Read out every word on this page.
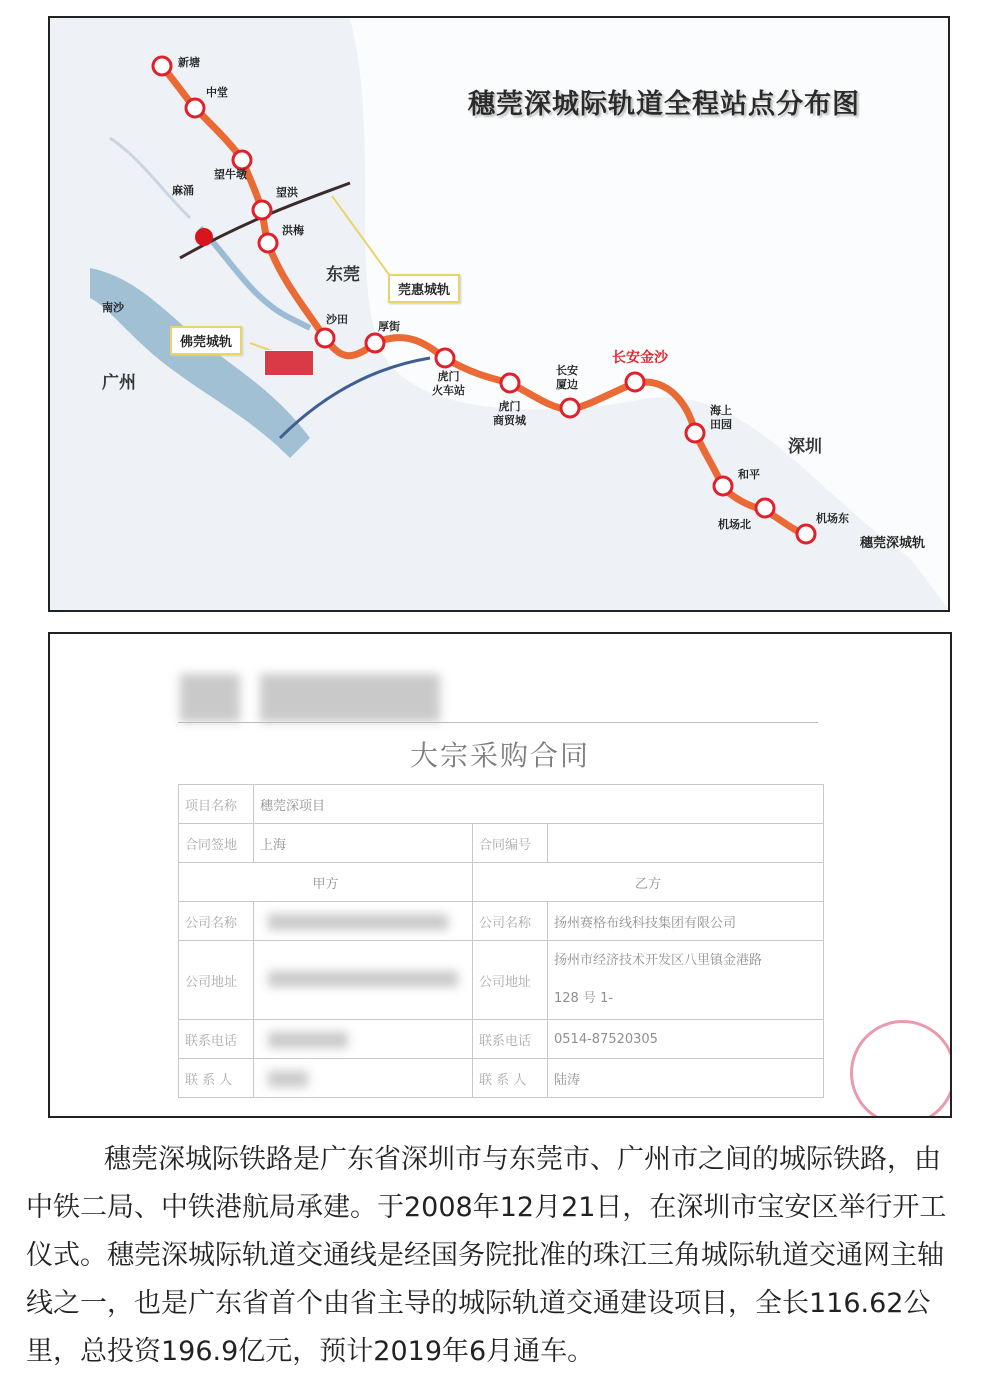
穗莞深城际轨道全程站点分布图
东莞
广州
深圳
南沙
莞惠城轨
佛莞城轨
穗莞深城轨
新塘
中堂
望牛墩
望洪
洪梅
麻涌
沙田
厚街
虎门
火车站
虎门
商贸城
长安
厦边
长安金沙
海上
田园
和平
机场北	机场东
大宗采购合同
项目名称	穗莞深项目		
合同签地	上海	合同编号	
甲方		乙方	
公司名称		公司名称	扬州赛格布线科技集团有限公司
公司地址		公司地址	扬州市经济技术开发区八里镇金港路
128 号 1-

联系电话		联系电话	0514-87520305
联 系 人		联 系 人	陆涛
穗莞深城际铁路是广东省深圳市与东莞市、广州市之间的城际铁路，由中铁二局、中铁港航局承建。于2008年12月21日，在深圳市宝安区举行开工仪式。穗莞深城际轨道交通线是经国务院批准的珠江三角城际轨道交通网主轴线之一，也是广东省首个由省主导的城际轨道交通建设项目，全长116.62公里，总投资196.9亿元，预计2019年6月通车。
